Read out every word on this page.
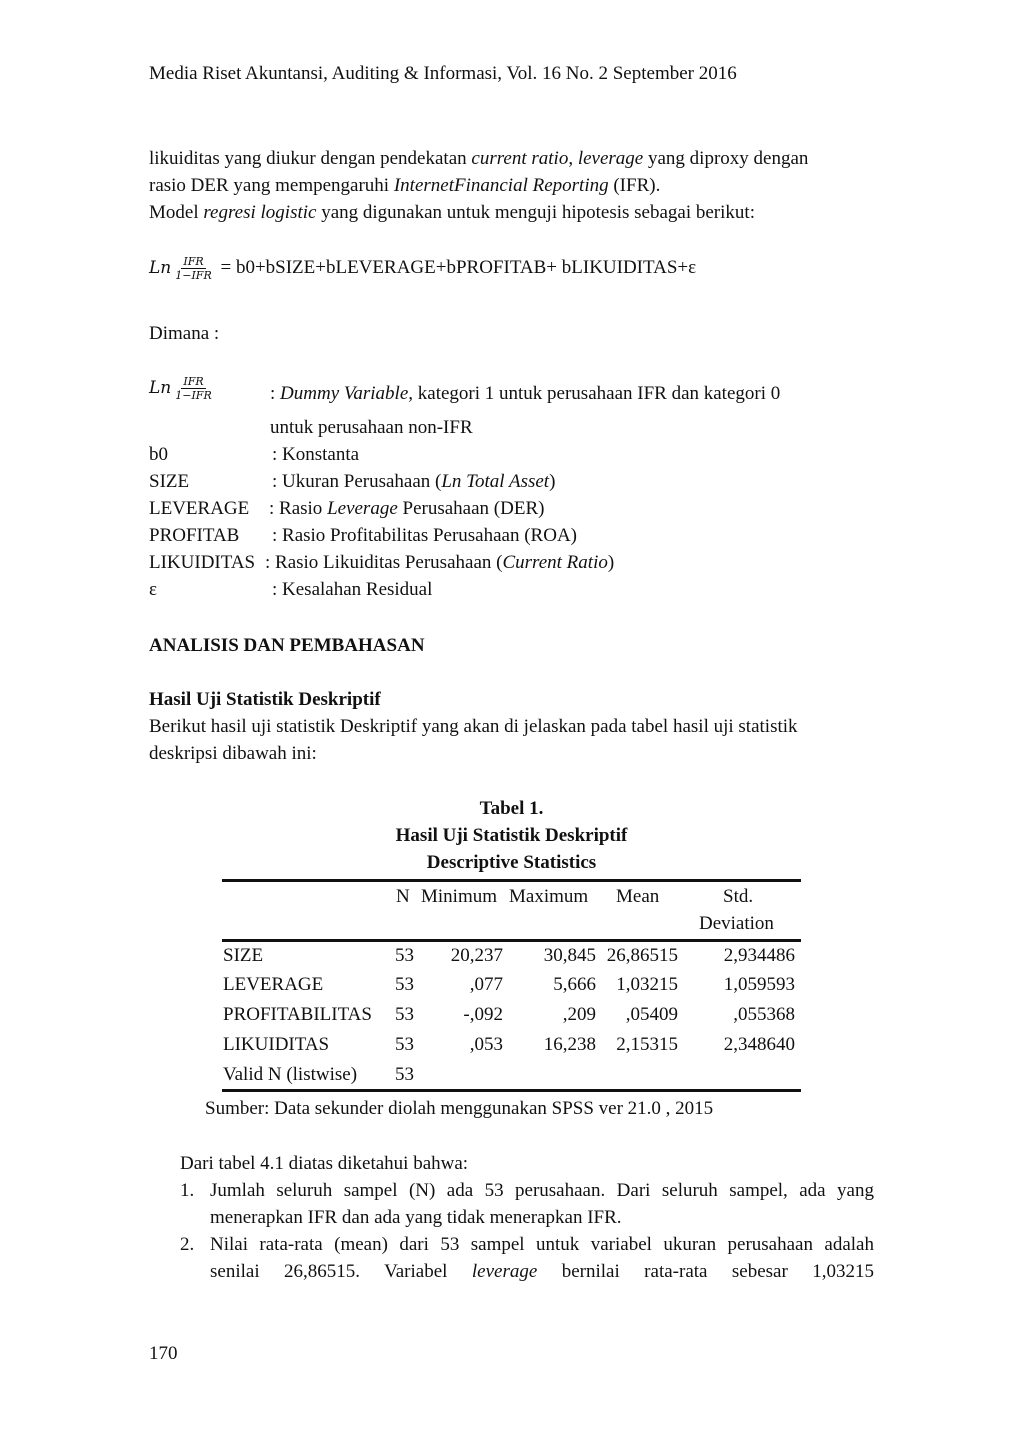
Media Riset Akuntansi, Auditing & Informasi, Vol. 16 No. 2 September 2016
likuiditas yang diukur dengan pendekatan current ratio, leverage yang diproxy dengan
rasio DER yang mempengaruhi InternetFinancial Reporting (IFR).
Model regresi logistic yang digunakan untuk menguji hipotesis sebagai berikut:
Ln $\frac{\text{IFR}}{\text{1−IFR}}$ = b0+bSIZE+bLEVERAGE+bPROFITAB+ bLIKUIDITAS+ε
Dimana :
Ln $\frac{\text{IFR}}{\text{1−IFR}}$	: Dummy Variable, kategori 1 untuk perusahaan IFR dan kategori 0
untuk perusahaan non-IFR
b0	: Konstanta
SIZE	: Ukuran Perusahaan (Ln Total Asset)
LEVERAGE : Rasio Leverage Perusahaan (DER)
PROFITAB : Rasio Profitabilitas Perusahaan (ROA)
LIKUIDITAS : Rasio Likuiditas Perusahaan (Current Ratio)
ε	: Kesalahan Residual
ANALISIS DAN PEMBAHASAN
Hasil Uji Statistik Deskriptif
Berikut hasil uji statistik Deskriptif yang akan di jelaskan pada tabel hasil uji statistik
deskripsi dibawah ini:
Tabel 1.
Hasil Uji Statistik Deskriptif
Descriptive Statistics
N Minimum Maximum Mean	Std.
Deviation
SIZE	53	20,237	30,845 26,86515	2,934486
LEVERAGE	53	,077	5,666	1,03215	1,059593
PROFITABILITAS	53	-,092	,209	,05409	,055368
LIKUIDITAS	53	,053	16,238	2,15315	2,348640
Valid N (listwise)	53
Sumber: Data sekunder diolah menggunakan SPSS ver 21.0 , 2015
Dari tabel 4.1 diatas diketahui bahwa:
1. Jumlah seluruh sampel (N) ada 53 perusahaan. Dari seluruh sampel, ada yang
menerapkan IFR dan ada yang tidak menerapkan IFR.
2. Nilai rata-rata (mean) dari 53 sampel untuk variabel ukuran perusahaan adalah
senilai  26,86515.  Variabel  leverage  bernilai  rata-rata  sebesar  1,03215
170
